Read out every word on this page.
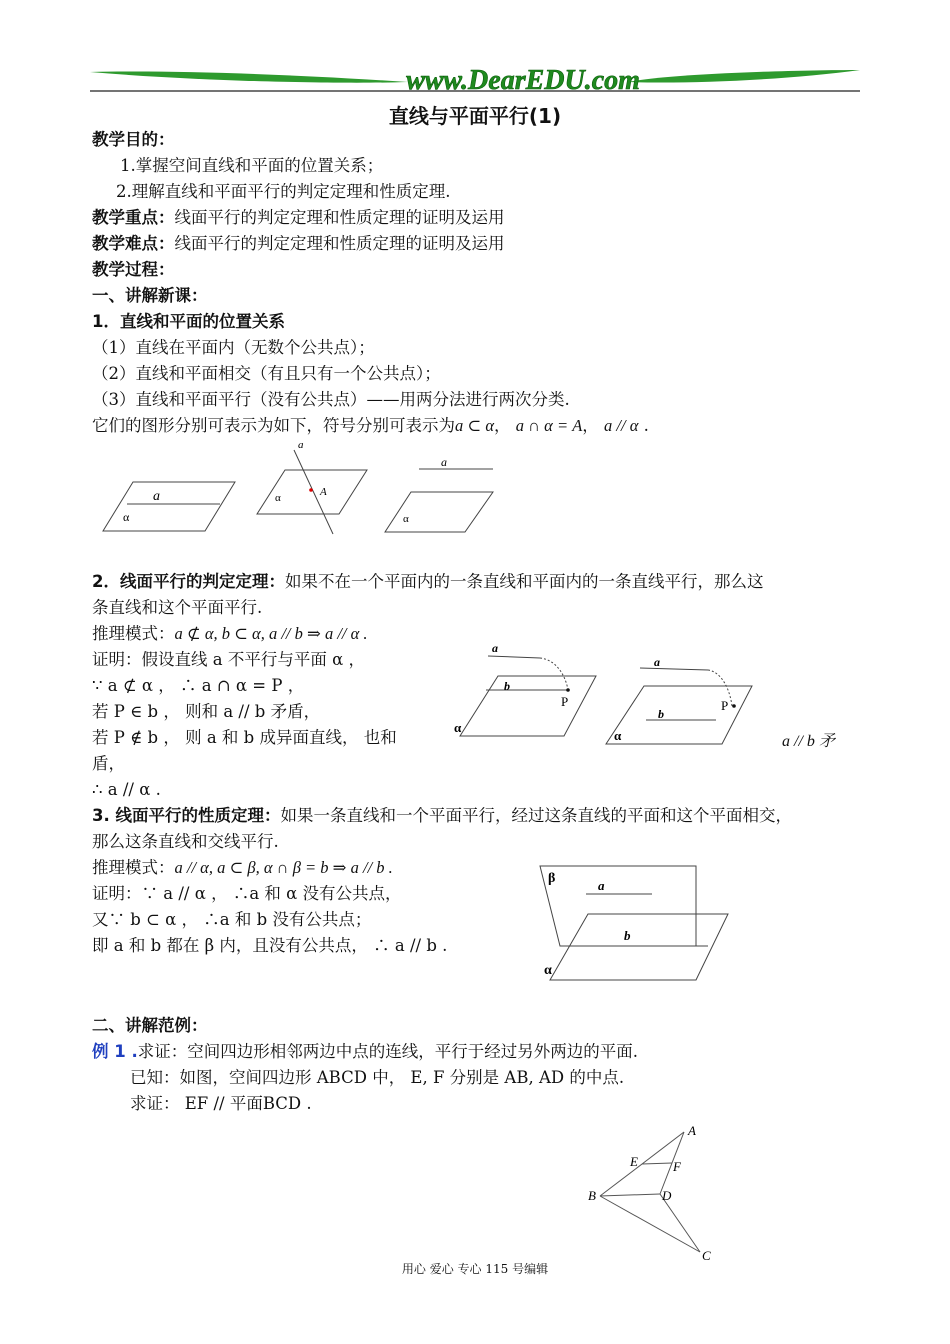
www.DearEDU.com
直线与平面平行(1)
教学目的：
1.掌握空间直线和平面的位置关系；
2.理解直线和平面平行的判定定理和性质定理.
教学重点：线面平行的判定定理和性质定理的证明及运用
教学难点：线面平行的判定定理和性质定理的证明及运用
教学过程：
一、讲解新课：
1．直线和平面的位置关系
（1）直线在平面内（无数个公共点）；
（2）直线和平面相交（有且只有一个公共点）；
（3）直线和平面平行（没有公共点）——用两分法进行两次分类.
它们的图形分别可表示为如下，符号分别可表示为a ⊂ α， a ∩ α = A， a // α .
a
α
a
A
α
a
α
2．线面平行的判定定理：如果不在一个平面内的一条直线和平面内的一条直线平行，那么这
条直线和这个平面平行.
推理模式：a ⊄ α, b ⊂ α, a // b ⇒ a // α .
证明：假设直线 a 不平行与平面 α ，
∵ a ⊄ α ， ∴ a ∩ α = P ，
若 P ∈ b ， 则和 a // b 矛盾，
若 P ∉ b ， 则 a 和 b 成异面直线， 也和
盾，
∴ a // α .
a // b 矛
a
b
P
α
a
b
P
α
3. 线面平行的性质定理：如果一条直线和一个平面平行，经过这条直线的平面和这个平面相交，
那么这条直线和交线平行.
推理模式：a // α, a ⊂ β, α ∩ β = b ⇒ a // b .
证明：∵ a // α ， ∴a 和 α 没有公共点，
又∵ b ⊂ α ， ∴a 和 b 没有公共点；
即 a 和 b 都在 β 内，且没有公共点， ∴ a // b .
β	a
b
α
二、讲解范例：
例 1 .求证：空间四边形相邻两边中点的连线，平行于经过另外两边的平面.
已知：如图，空间四边形 ABCD 中， E, F 分别是 AB, AD 的中点.
求证： EF // 平面BCD .
A
B
C
D
E	F
用心 爱心 专心 115 号编辑
